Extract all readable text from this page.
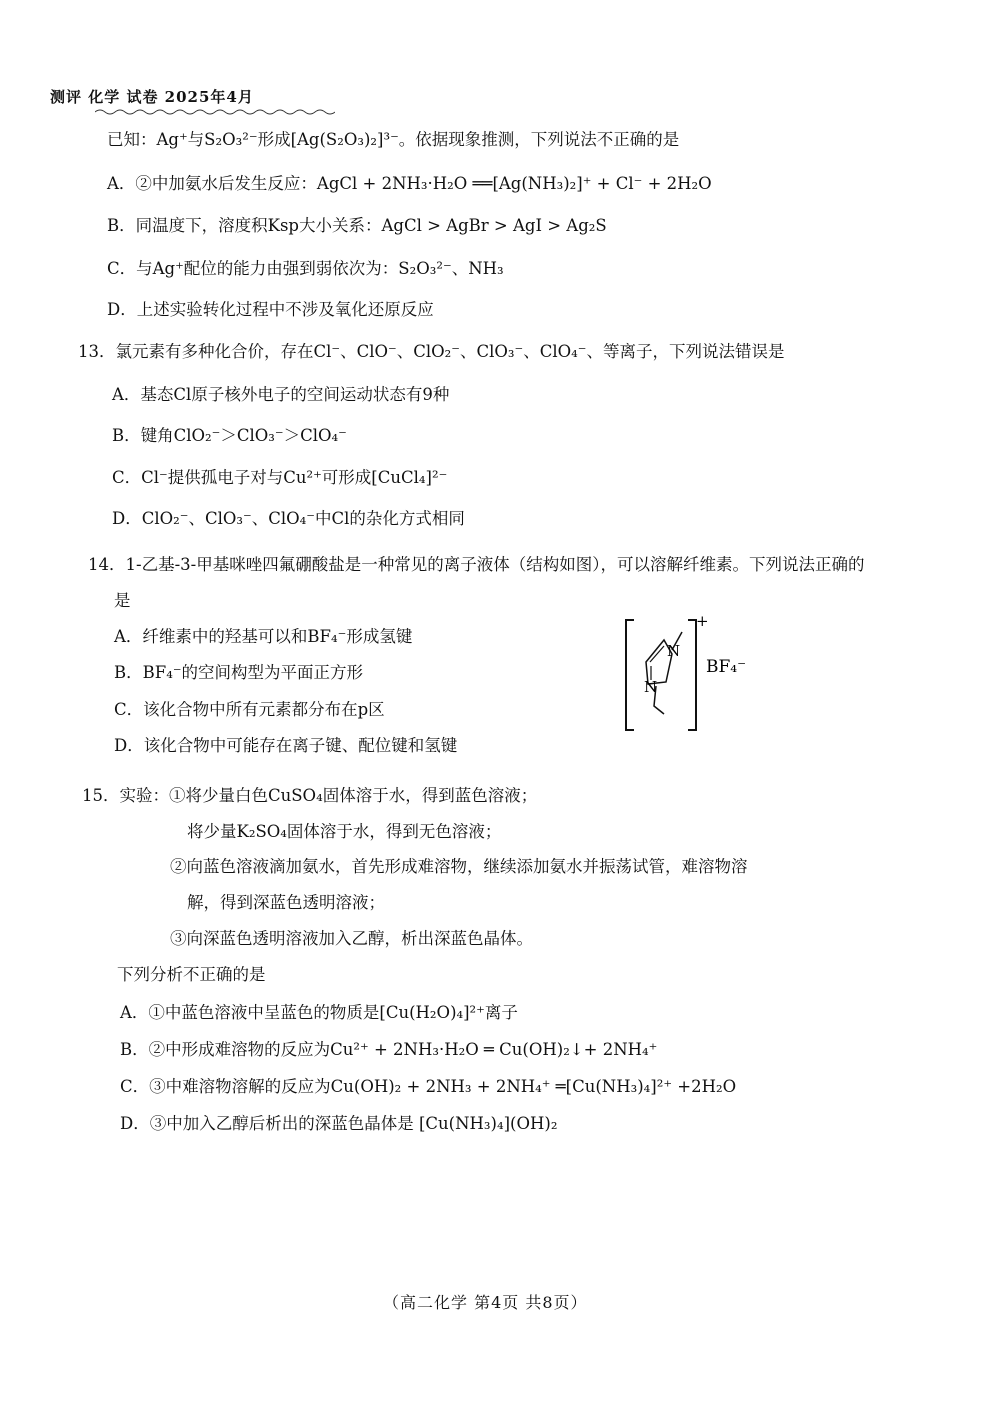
测评 化学 试卷 2025年4月
已知：Ag⁺与S₂O₃²⁻形成[Ag(S₂O₃)₂]³⁻。依据现象推测，下列说法不正确的是
A．②中加氨水后发生反应：AgCl + 2NH₃·H₂O ══[Ag(NH₃)₂]⁺ + Cl⁻ + 2H₂O
B．同温度下，溶度积Ksp大小关系：AgCl > AgBr > AgI > Ag₂S
C．与Ag⁺配位的能力由强到弱依次为：S₂O₃²⁻、NH₃
D．上述实验转化过程中不涉及氧化还原反应
13．氯元素有多种化合价，存在Cl⁻、ClO⁻、ClO₂⁻、ClO₃⁻、ClO₄⁻、等离子，下列说法错误是
A．基态Cl原子核外电子的空间运动状态有9种
B．键角ClO₂⁻＞ClO₃⁻＞ClO₄⁻
C．Cl⁻提供孤电子对与Cu²⁺可形成[CuCl₄]²⁻
D．ClO₂⁻、ClO₃⁻、ClO₄⁻中Cl的杂化方式相同
14．1-乙基-3-甲基咪唑四氟硼酸盐是一种常见的离子液体（结构如图），可以溶解纤维素。下列说法正确的
是
A．纤维素中的羟基可以和BF₄⁻形成氢键
B．BF₄⁻的空间构型为平面正方形
C．该化合物中所有元素都分布在p区
D．该化合物中可能存在离子键、配位键和氢键
N
N
+
BF₄⁻
15．实验：①将少量白色CuSO₄固体溶于水，得到蓝色溶液；
将少量K₂SO₄固体溶于水，得到无色溶液；
②向蓝色溶液滴加氨水，首先形成难溶物，继续添加氨水并振荡试管，难溶物溶
解，得到深蓝色透明溶液；
③向深蓝色透明溶液加入乙醇，析出深蓝色晶体。
下列分析不正确的是
A．①中蓝色溶液中呈蓝色的物质是[Cu(H₂O)₄]²⁺离子
B．②中形成难溶物的反应为Cu²⁺ + 2NH₃·H₂O ═ Cu(OH)₂↓+ 2NH₄⁺
C．③中难溶物溶解的反应为Cu(OH)₂ + 2NH₃ + 2NH₄⁺ ═[Cu(NH₃)₄]²⁺ +2H₂O
D．③中加入乙醇后析出的深蓝色晶体是 [Cu(NH₃)₄](OH)₂
（高二化学 第4页 共8页）
